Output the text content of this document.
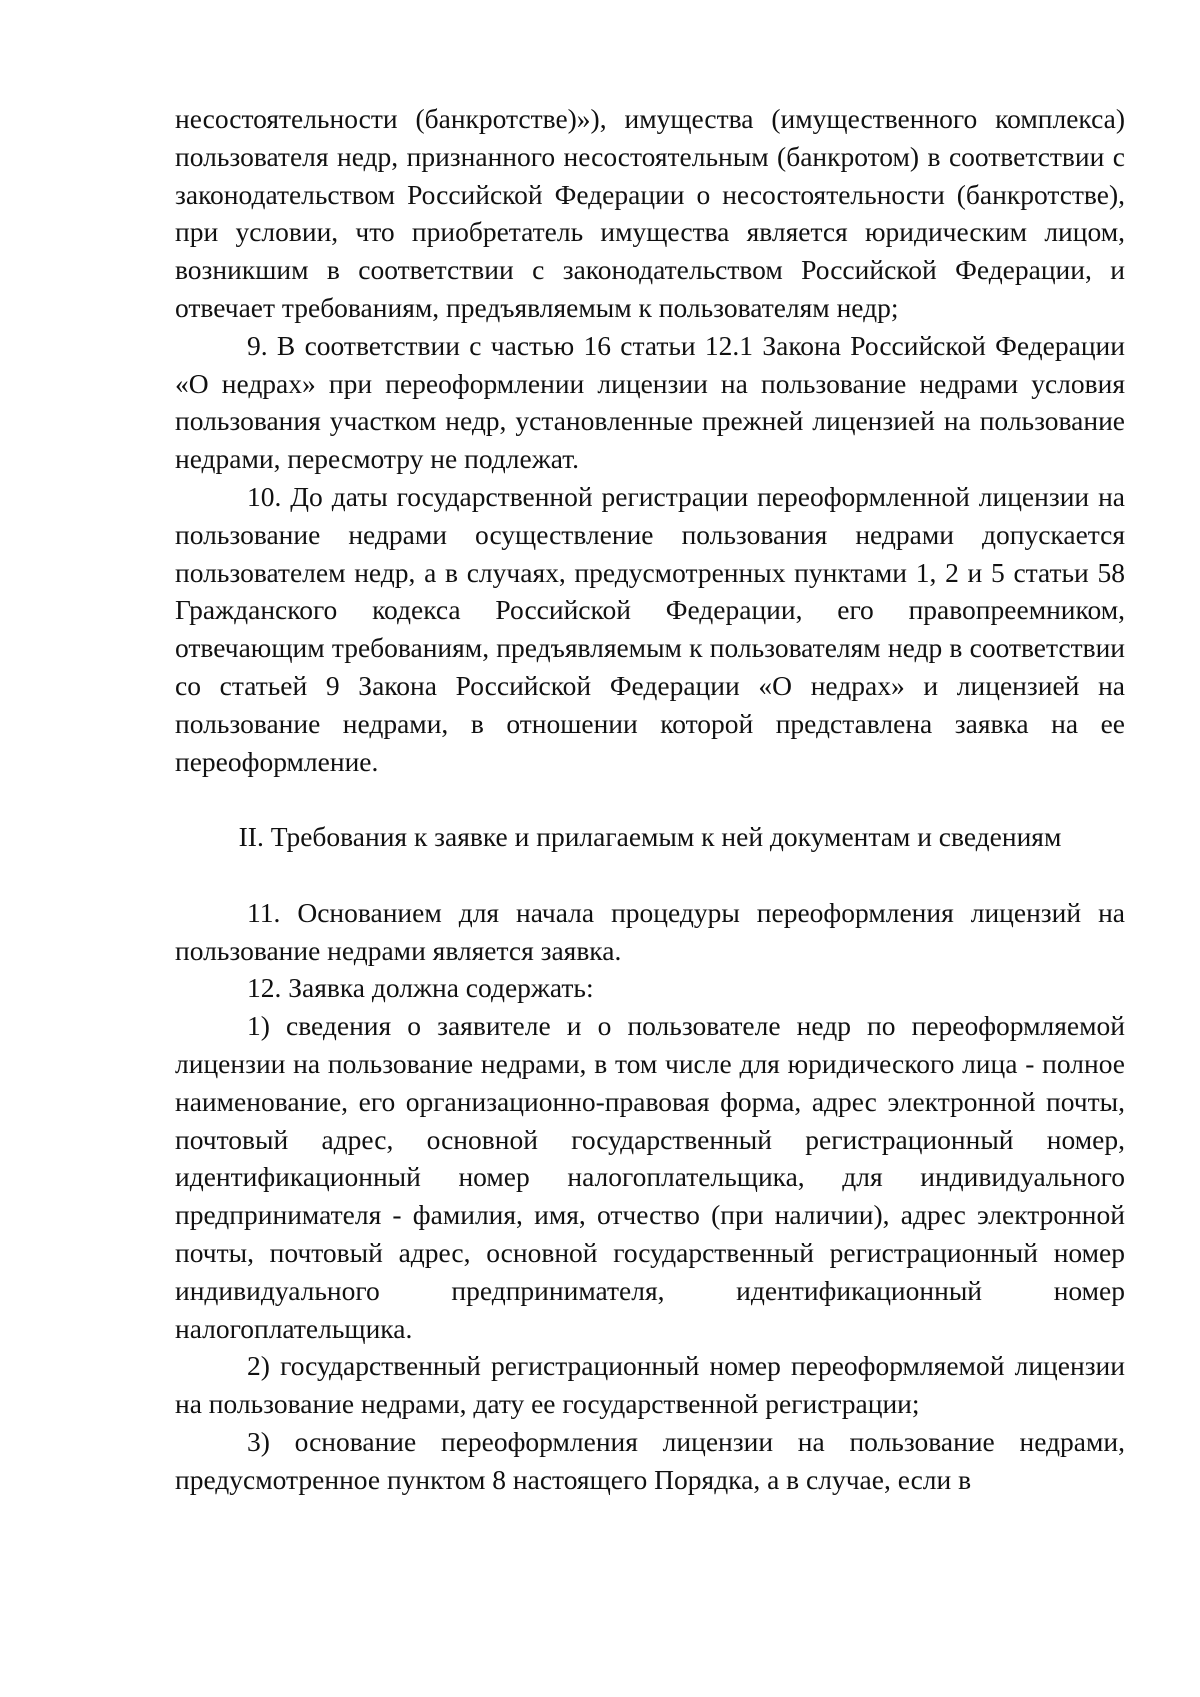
несостоятельности (банкротстве)»), имущества (имущественного комплекса) пользователя недр, признанного несостоятельным (банкротом) в соответствии с законодательством Российской Федерации о несостоятельности (банкротстве), при условии, что приобретатель имущества является юридическим лицом, возникшим в соответствии с законодательством Российской Федерации, и отвечает требованиям, предъявляемым к пользователям недр;

9. В соответствии с частью 16 статьи 12.1 Закона Российской Федерации «О недрах» при переоформлении лицензии на пользование недрами условия пользования участком недр, установленные прежней лицензией на пользование недрами, пересмотру не подлежат.

10. До даты государственной регистрации переоформленной лицензии на пользование недрами осуществление пользования недрами допускается пользователем недр, а в случаях, предусмотренных пунктами 1, 2 и 5 статьи 58 Гражданского кодекса Российской Федерации, его правопреемником, отвечающим требованиям, предъявляемым к пользователям недр в соответствии со статьей 9 Закона Российской Федерации «О недрах» и лицензией на пользование недрами, в отношении которой представлена заявка на ее переоформление.

II. Требования к заявке и прилагаемым к ней документам и сведениям

11. Основанием для начала процедуры переоформления лицензий на пользование недрами является заявка.

12. Заявка должна содержать:

1) сведения о заявителе и о пользователе недр по переоформляемой лицензии на пользование недрами, в том числе для юридического лица - полное наименование, его организационно-правовая форма, адрес электронной почты, почтовый адрес, основной государственный регистрационный номер, идентификационный номер налогоплательщика, для индивидуального предпринимателя - фамилия, имя, отчество (при наличии), адрес электронной почты, почтовый адрес, основной государственный регистрационный номер индивидуального предпринимателя, идентификационный номер налогоплательщика.

2) государственный регистрационный номер переоформляемой лицензии на пользование недрами, дату ее государственной регистрации;

3) основание переоформления лицензии на пользование недрами, предусмотренное пунктом 8 настоящего Порядка, а в случае, если в
